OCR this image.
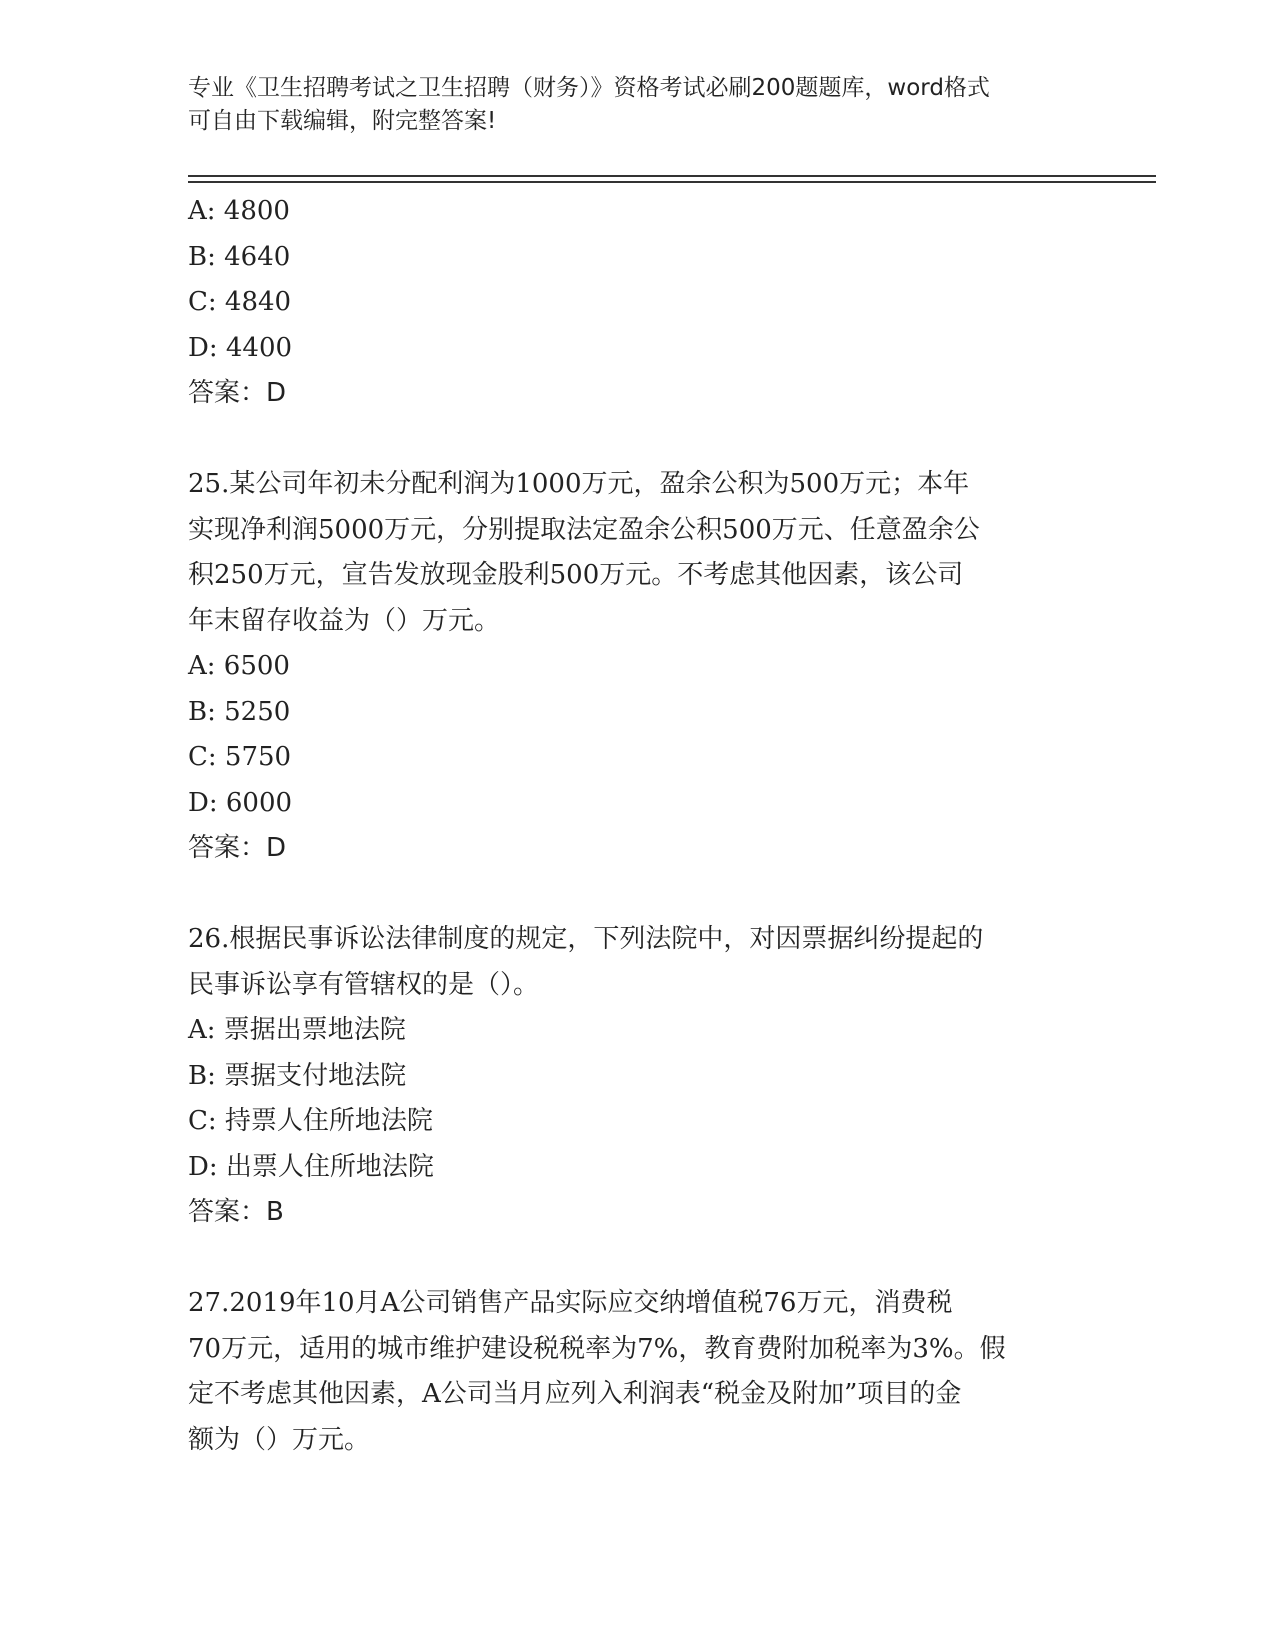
专业《卫生招聘考试之卫生招聘（财务）》资格考试必刷200题题库，word格式
可自由下载编辑，附完整答案!
A: 4800
B: 4640
C: 4840
D: 4400
答案：D
25.某公司年初未分配利润为1000万元，盈余公积为500万元；本年
实现净利润5000万元，分别提取法定盈余公积500万元、任意盈余公
积250万元，宣告发放现金股利500万元。不考虑其他因素，该公司
年末留存收益为（）万元。
A: 6500
B: 5250
C: 5750
D: 6000
答案：D
26.根据民事诉讼法律制度的规定，下列法院中，对因票据纠纷提起的
民事诉讼享有管辖权的是（）。
A: 票据出票地法院
B: 票据支付地法院
C: 持票人住所地法院
D: 出票人住所地法院
答案：B
27.2019年10月A公司销售产品实际应交纳增值税76万元，消费税
70万元，适用的城市维护建设税税率为7%，教育费附加税率为3%。假
定不考虑其他因素，A公司当月应列入利润表“税金及附加”项目的金
额为（）万元。
